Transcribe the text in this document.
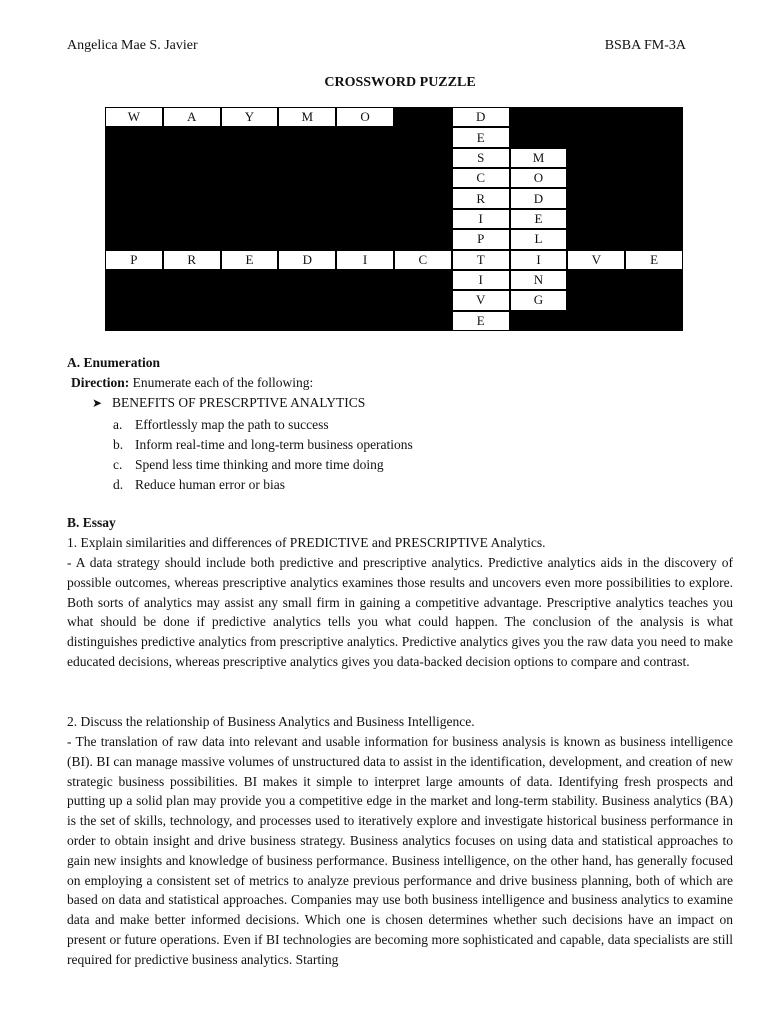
Angelica Mae S. Javier	BSBA FM-3A
CROSSWORD PUZZLE
W	A	Y	M	O	D
E
S	M
C	O
R	D
I	E
P	L
P	R	E	D	I	C	T	I	V	E
I	N
V	G
E
A. Enumeration
Direction: Enumerate each of the following:
➤ BENEFITS OF PRESCRPTIVE ANALYTICS
a. Effortlessly map the path to success
b. Inform real-time and long-term business operations
c. Spend less time thinking and more time doing
d. Reduce human error or bias
B. Essay

1. Explain similarities and differences of PREDICTIVE and PRESCRIPTIVE Analytics.

- A data strategy should include both predictive and prescriptive analytics. Predictive analytics aids in the discovery of possible outcomes, whereas prescriptive analytics examines those results and uncovers even more possibilities to explore. Both sorts of analytics may assist any small firm in gaining a competitive advantage. Prescriptive analytics teaches you what should be done if predictive analytics tells you what could happen. The conclusion of the analysis is what distinguishes predictive analytics from prescriptive analytics. Predictive analytics gives you the raw data you need to make educated decisions, whereas prescriptive analytics gives you data-backed decision options to compare and contrast.

2. Discuss the relationship of Business Analytics and Business Intelligence.

- The translation of raw data into relevant and usable information for business analysis is known as business intelligence (BI). BI can manage massive volumes of unstructured data to assist in the identification, development, and creation of new strategic business possibilities. BI makes it simple to interpret large amounts of data. Identifying fresh prospects and putting up a solid plan may provide you a competitive edge in the market and long-term stability. Business analytics (BA) is the set of skills, technology, and processes used to iteratively explore and investigate historical business performance in order to obtain insight and drive business strategy. Business analytics focuses on using data and statistical approaches to gain new insights and knowledge of business performance. Business intelligence, on the other hand, has generally focused on employing a consistent set of metrics to analyze previous performance and drive business planning, both of which are based on data and statistical approaches. Companies may use both business intelligence and business analytics to examine data and make better informed decisions. Which one is chosen determines whether such decisions have an impact on present or future operations. Even if BI technologies are becoming more sophisticated and capable, data specialists are still required for predictive business analytics. Starting
